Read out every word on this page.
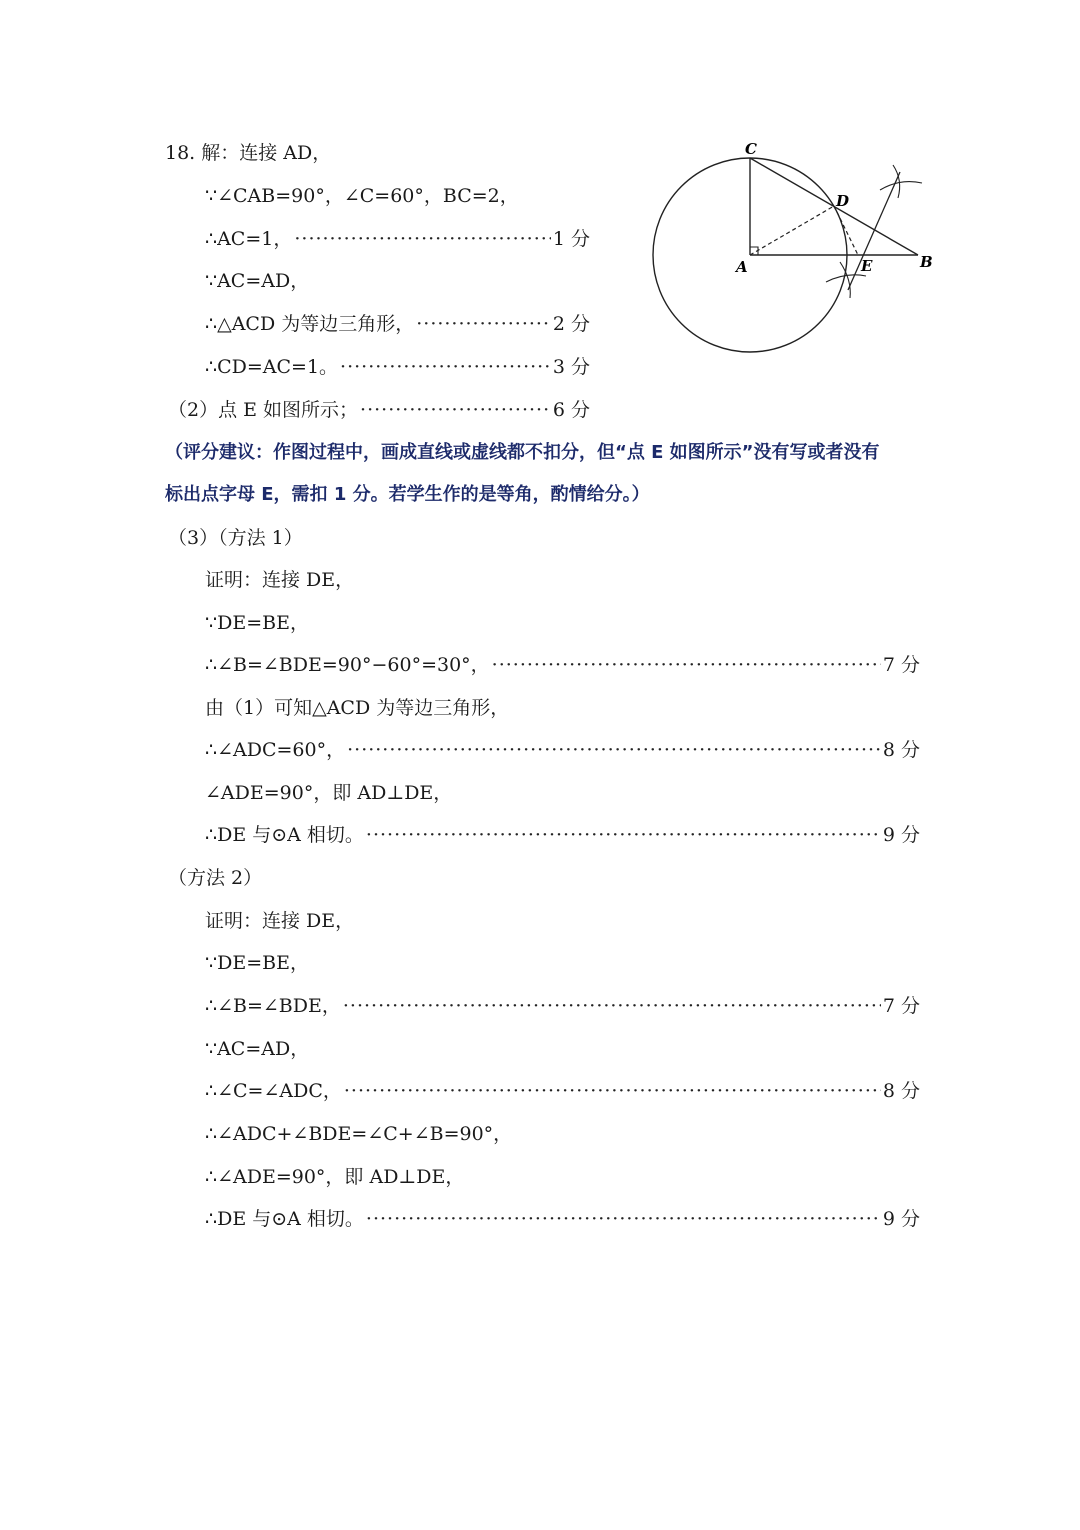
C
D
A	E	B
18. 解：连接 AD，
∵∠CAB=90°，∠C=60°，BC=2，
∴AC=1， ·····	1 分
∵AC=AD，
∴△ACD 为等边三角形， ·····	2 分
∴CD=AC=1。 ·····	3 分
（2）点 E 如图所示； ·····	6 分
（评分建议：作图过程中，画成直线或虚线都不扣分，但“点 E 如图所示”没有写或者没有
标出点字母 E，需扣 1 分。若学生作的是等角，酌情给分。）
（3）（方法 1）
证明：连接 DE，
∵DE=BE，
∴∠B=∠BDE=90°−60°=30°， ·····	7 分
由（1）可知△ACD 为等边三角形，
∴∠ADC=60°， ·····	8 分
∠ADE=90°，即 AD⊥DE，
∴DE 与⊙A 相切。 ·····	9 分
（方法 2）
证明：连接 DE，
∵DE=BE，
∴∠B=∠BDE， ·····	7 分
∵AC=AD，
∴∠C=∠ADC， ·····	8 分
∴∠ADC+∠BDE=∠C+∠B=90°，
∴∠ADE=90°，即 AD⊥DE，
∴DE 与⊙A 相切。 ·····	9 分
